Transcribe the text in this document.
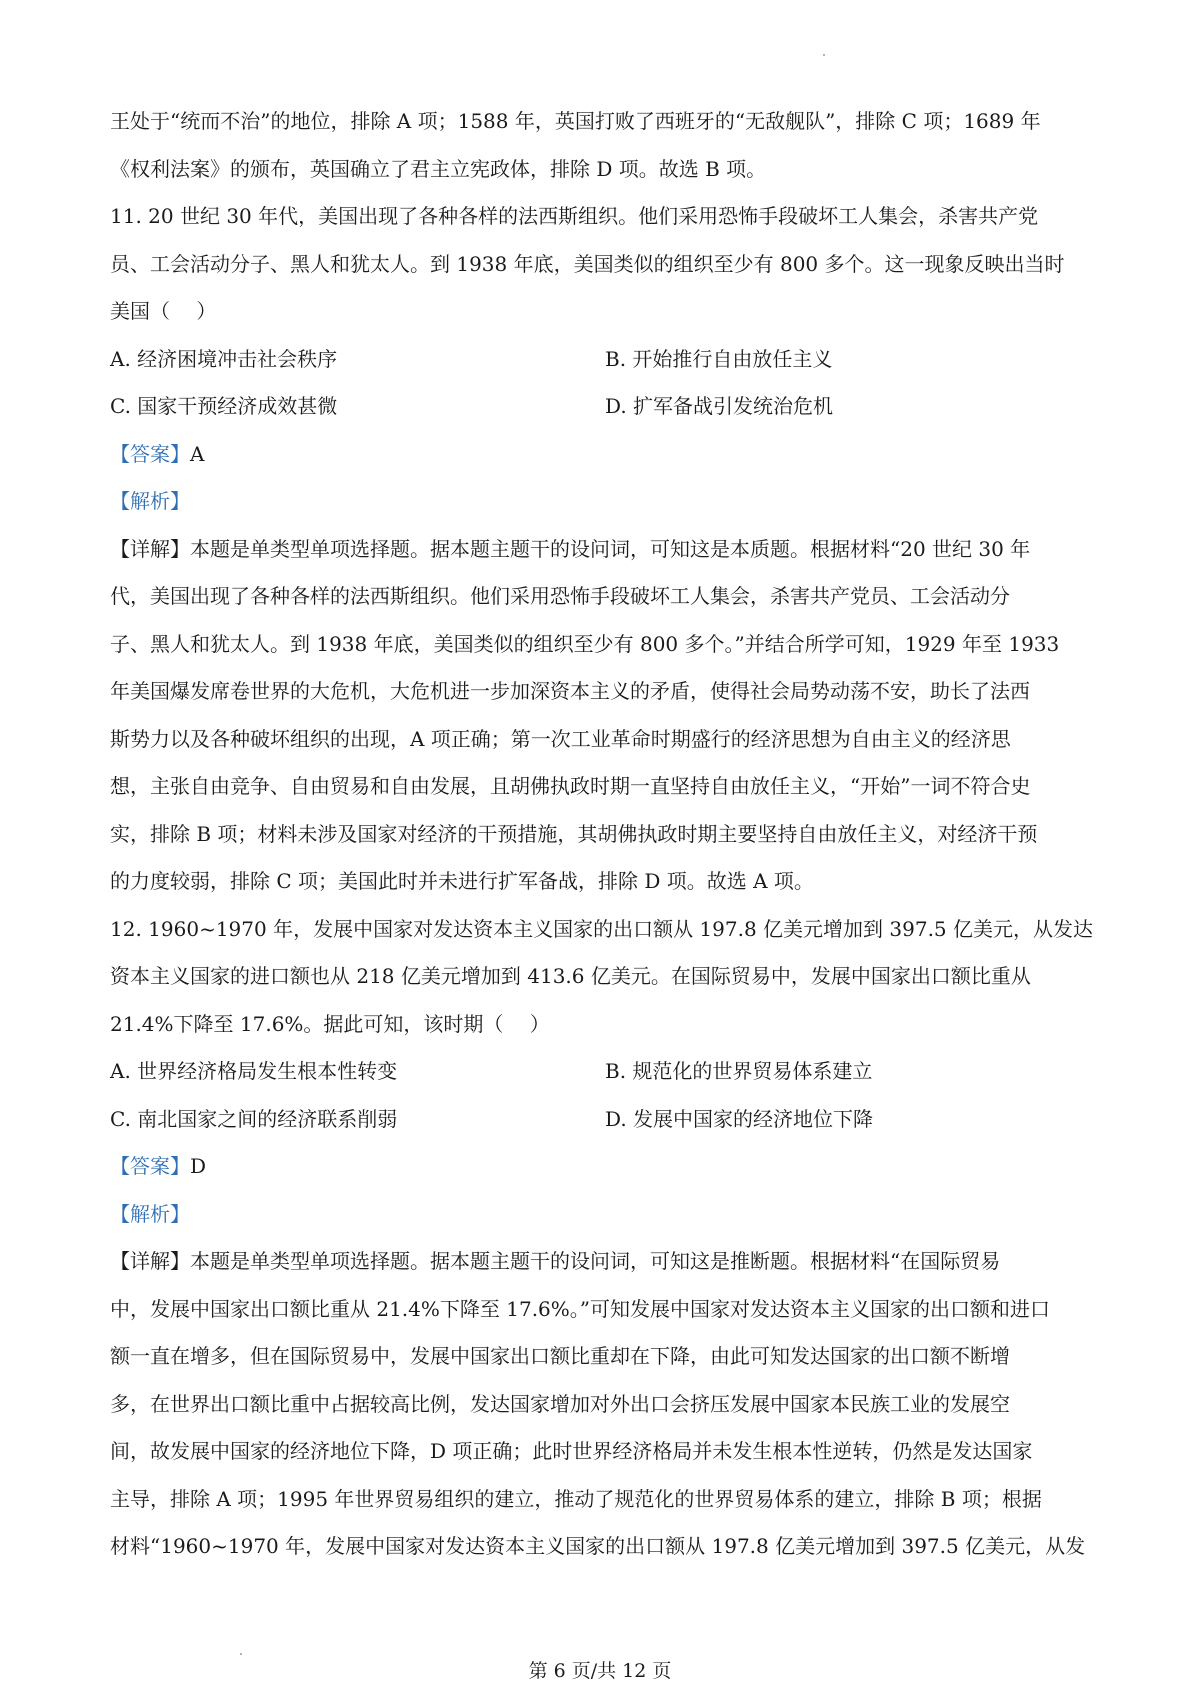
王处于“统而不治”的地位，排除 A 项；1588 年，英国打败了西班牙的“无敌舰队”，排除 C 项；1689 年
《权利法案》的颁布，英国确立了君主立宪政体，排除 D 项。故选 B 项。
11. 20 世纪 30 年代，美国出现了各种各样的法西斯组织。他们采用恐怖手段破坏工人集会，杀害共产党
员、工会活动分子、黑人和犹太人。到 1938 年底，美国类似的组织至少有 800 多个。这一现象反映出当时
美国（　 ）
A. 经济困境冲击社会秩序	B. 开始推行自由放任主义
C. 国家干预经济成效甚微	D. 扩军备战引发统治危机
【答案】A
【解析】
【详解】本题是单类型单项选择题。据本题主题干的设问词，可知这是本质题。根据材料“20 世纪 30 年
代，美国出现了各种各样的法西斯组织。他们采用恐怖手段破坏工人集会，杀害共产党员、工会活动分
子、黑人和犹太人。到 1938 年底，美国类似的组织至少有 800 多个。”并结合所学可知，1929 年至 1933
年美国爆发席卷世界的大危机，大危机进一步加深资本主义的矛盾，使得社会局势动荡不安，助长了法西
斯势力以及各种破坏组织的出现，A 项正确；第一次工业革命时期盛行的经济思想为自由主义的经济思
想，主张自由竞争、自由贸易和自由发展，且胡佛执政时期一直坚持自由放任主义，“开始”一词不符合史
实，排除 B 项；材料未涉及国家对经济的干预措施，其胡佛执政时期主要坚持自由放任主义，对经济干预
的力度较弱，排除 C 项；美国此时并未进行扩军备战，排除 D 项。故选 A 项。
12. 1960~1970 年，发展中国家对发达资本主义国家的出口额从 197.8 亿美元增加到 397.5 亿美元，从发达
资本主义国家的进口额也从 218 亿美元增加到 413.6 亿美元。在国际贸易中，发展中国家出口额比重从
21.4%下降至 17.6%。据此可知，该时期（　 ）
A. 世界经济格局发生根本性转变	B. 规范化的世界贸易体系建立
C. 南北国家之间的经济联系削弱	D. 发展中国家的经济地位下降
【答案】D
【解析】
【详解】本题是单类型单项选择题。据本题主题干的设问词，可知这是推断题。根据材料“在国际贸易
中，发展中国家出口额比重从 21.4%下降至 17.6%。”可知发展中国家对发达资本主义国家的出口额和进口
额一直在增多，但在国际贸易中，发展中国家出口额比重却在下降，由此可知发达国家的出口额不断增
多，在世界出口额比重中占据较高比例，发达国家增加对外出口会挤压发展中国家本民族工业的发展空
间，故发展中国家的经济地位下降，D 项正确；此时世界经济格局并未发生根本性逆转，仍然是发达国家
主导，排除 A 项；1995 年世界贸易组织的建立，推动了规范化的世界贸易体系的建立，排除 B 项；根据
材料“1960~1970 年，发展中国家对发达资本主义国家的出口额从 197.8 亿美元增加到 397.5 亿美元，从发
第 6 页/共 12 页
